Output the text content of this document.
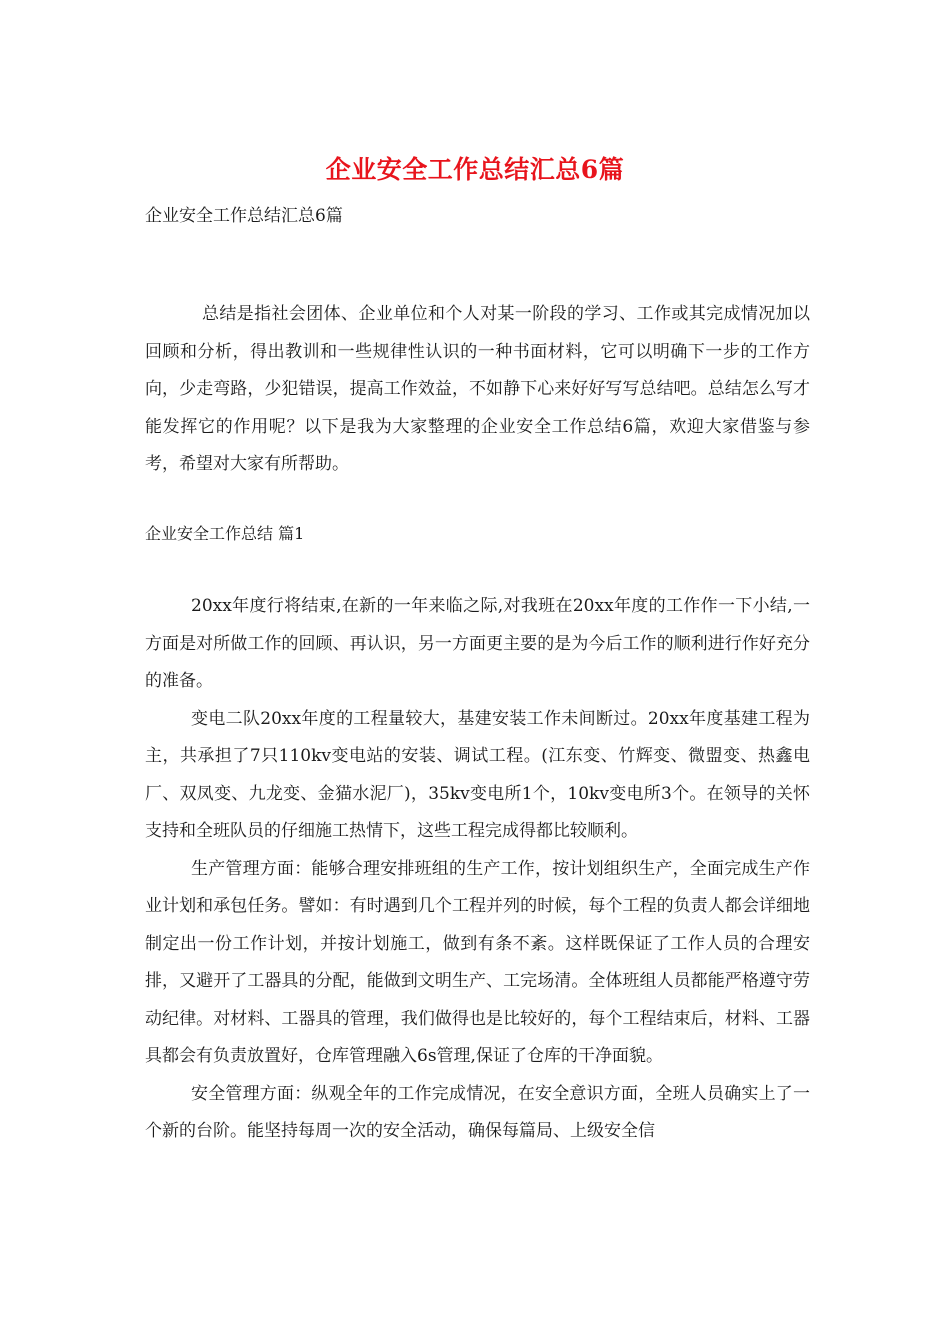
企业安全工作总结汇总6篇
企业安全工作总结汇总6篇

总结是指社会团体、企业单位和个人对某一阶段的学习、工作或其完成情况加以回顾和分析，得出教训和一些规律性认识的一种书面材料，它可以明确下一步的工作方向，少走弯路，少犯错误，提高工作效益，不如静下心来好好写写总结吧。总结怎么写才能发挥它的作用呢？以下是我为大家整理的企业安全工作总结6篇，欢迎大家借鉴与参考，希望对大家有所帮助。

企业安全工作总结 篇1

20xx年度行将结束,在新的一年来临之际,对我班在20xx年度的工作作一下小结,一方面是对所做工作的回顾、再认识，另一方面更主要的是为今后工作的顺利进行作好充分的准备。

变电二队20xx年度的工程量较大，基建安装工作未间断过。20xx年度基建工程为主，共承担了7只110kv变电站的安装、调试工程。(江东变、竹辉变、微盟变、热鑫电厂、双凤变、九龙变、金猫水泥厂)，35kv变电所1个，10kv变电所3个。在领导的关怀支持和全班队员的仔细施工热情下，这些工程完成得都比较顺利。

生产管理方面：能够合理安排班组的生产工作，按计划组织生产，全面完成生产作业计划和承包任务。譬如：有时遇到几个工程并列的时候，每个工程的负责人都会详细地制定出一份工作计划，并按计划施工，做到有条不紊。这样既保证了工作人员的合理安排，又避开了工器具的分配，能做到文明生产、工完场清。全体班组人员都能严格遵守劳动纪律。对材料、工器具的管理，我们做得也是比较好的，每个工程结束后，材料、工器具都会有负责放置好，仓库管理融入6s管理,保证了仓库的干净面貌。

安全管理方面：纵观全年的工作完成情况，在安全意识方面，全班人员确实上了一个新的台阶。能坚持每周一次的安全活动，确保每篇局、上级安全信
